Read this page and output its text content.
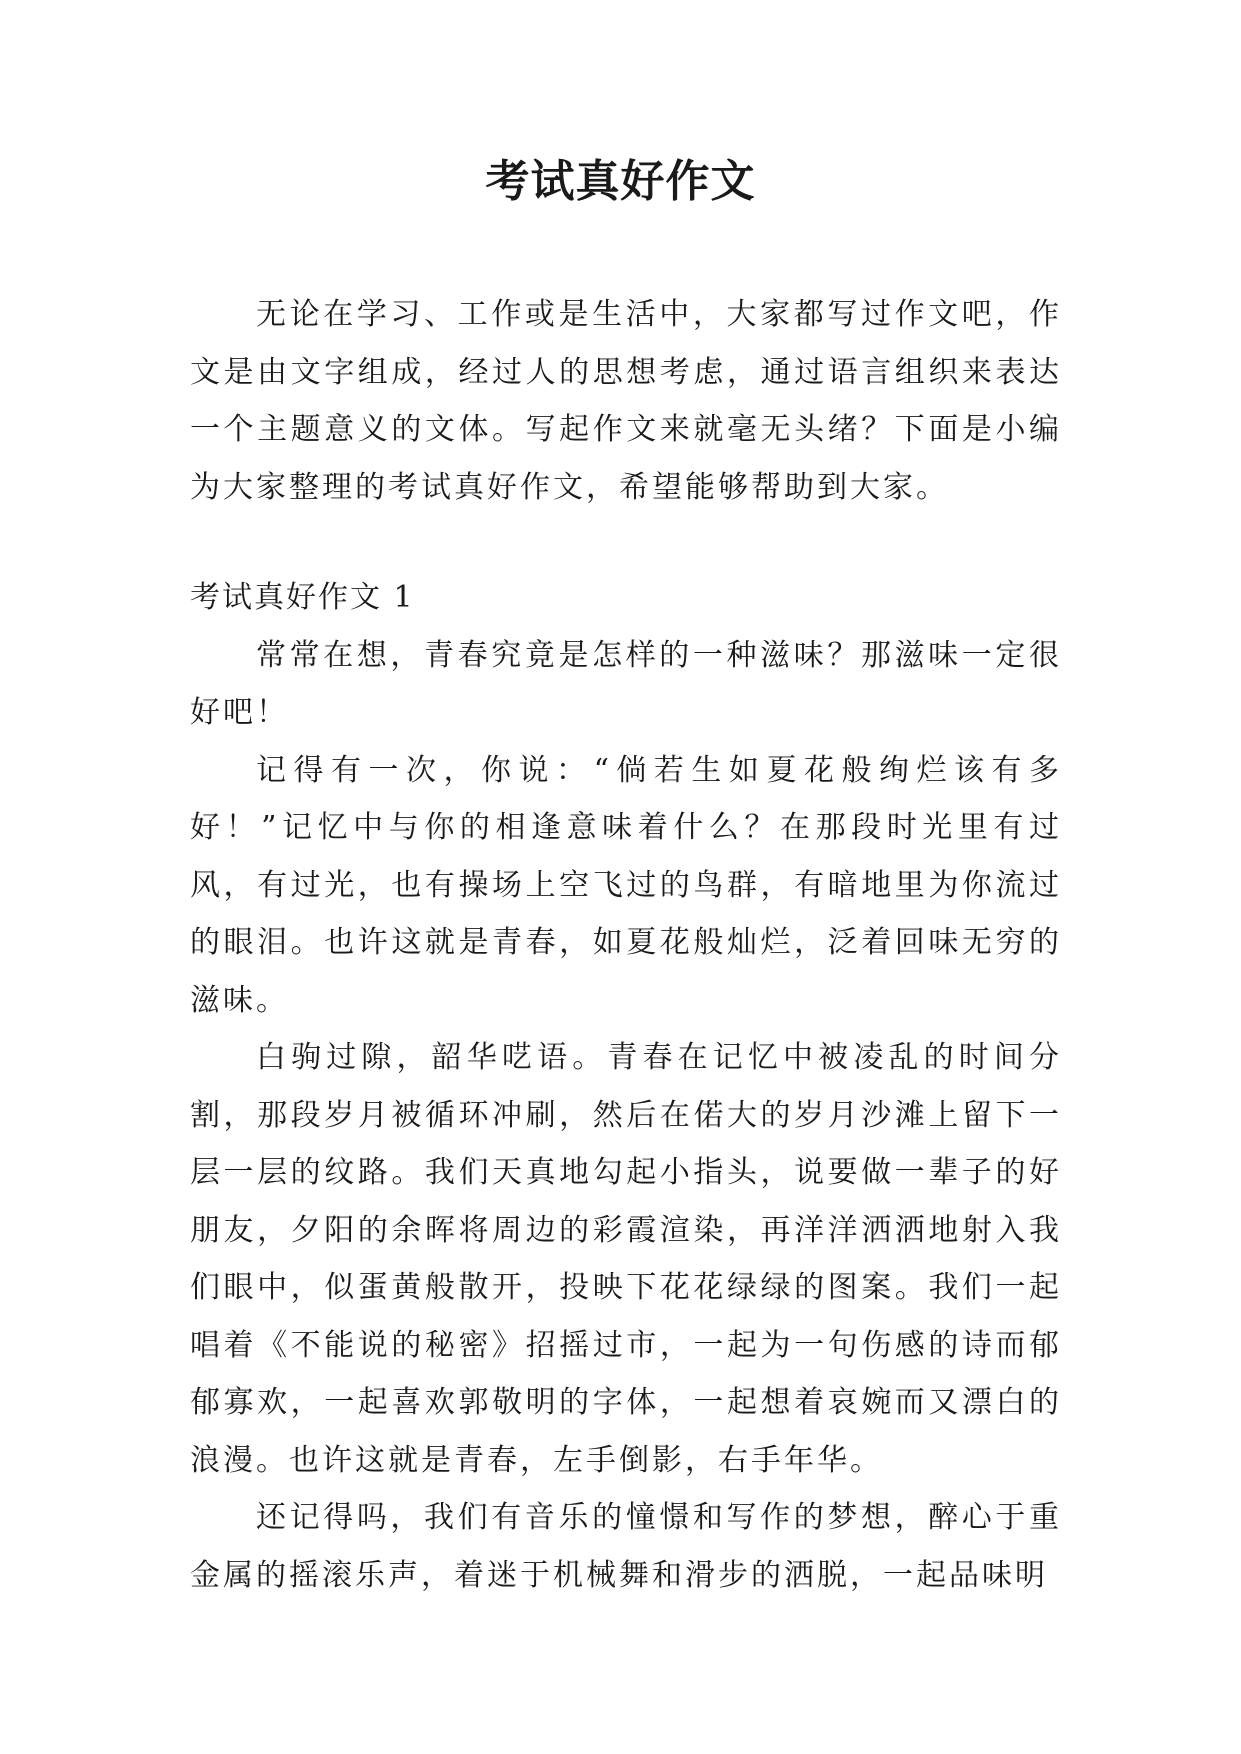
考试真好作文

无论在学习、工作或是生活中，大家都写过作文吧，作文是由文字组成，经过人的思想考虑，通过语言组织来表达一个主题意义的文体。写起作文来就毫无头绪？下面是小编为大家整理的考试真好作文，希望能够帮助到大家。

考试真好作文 1

常常在想，青春究竟是怎样的一种滋味？那滋味一定很好吧！

记得有一次，你说：“倘若生如夏花般绚烂该有多好！”记忆中与你的相逢意味着什么？在那段时光里有过风，有过光，也有操场上空飞过的鸟群，有暗地里为你流过的眼泪。也许这就是青春，如夏花般灿烂，泛着回味无穷的滋味。

白驹过隙，韶华呓语。青春在记忆中被凌乱的时间分割，那段岁月被循环冲刷，然后在偌大的岁月沙滩上留下一层一层的纹路。我们天真地勾起小指头，说要做一辈子的好朋友，夕阳的余晖将周边的彩霞渲染，再洋洋洒洒地射入我们眼中，似蛋黄般散开，投映下花花绿绿的图案。我们一起唱着《不能说的秘密》招摇过市，一起为一句伤感的诗而郁郁寡欢，一起喜欢郭敬明的字体，一起想着哀婉而又漂白的浪漫。也许这就是青春，左手倒影，右手年华。

还记得吗，我们有音乐的憧憬和写作的梦想，醉心于重金属的摇滚乐声，着迷于机械舞和滑步的洒脱，一起品味明
